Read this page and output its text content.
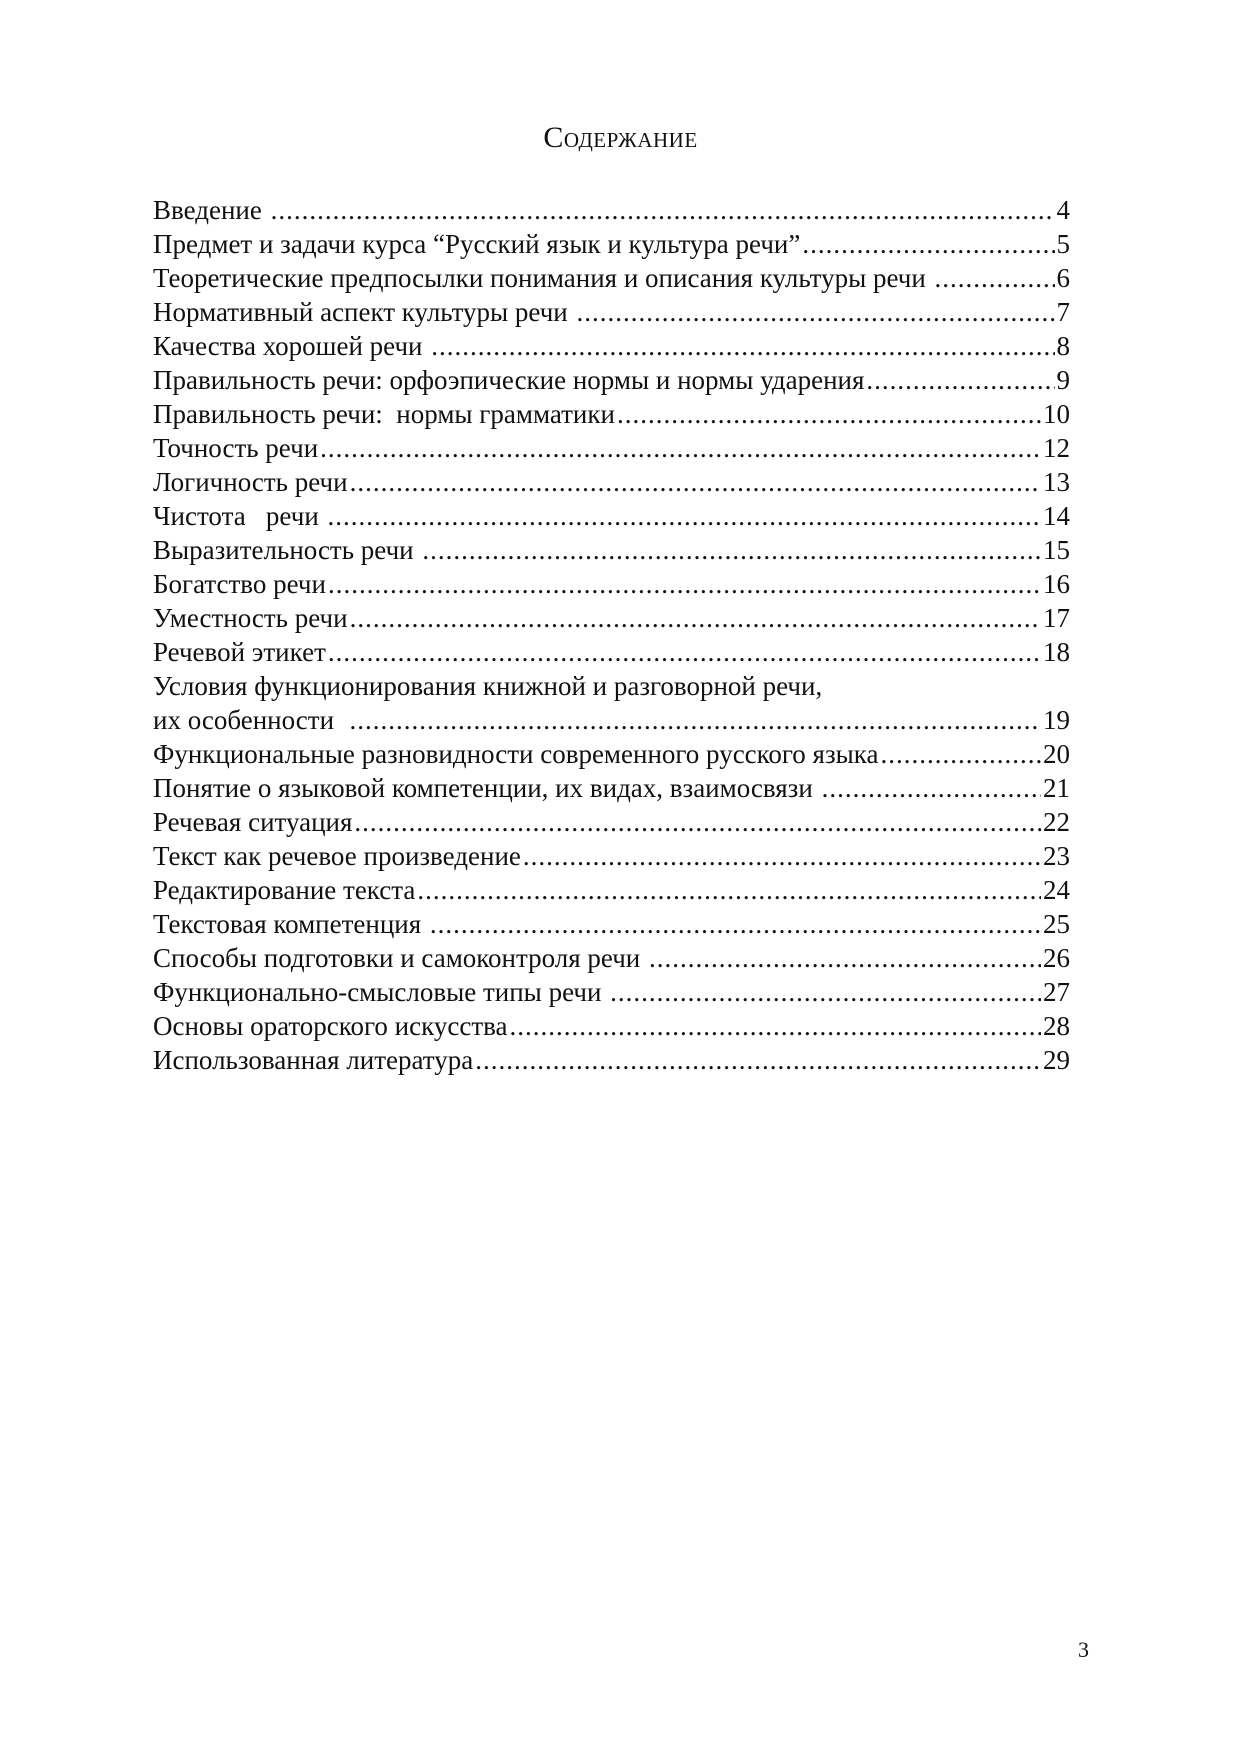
Содержание
Введение .....	4
Предмет и задачи курса “Русский язык и культура речи” .....	5
Теоретические предпосылки понимания и описания культуры речи .....	6
Нормативный аспект культуры речи .....	7
Качества хорошей речи .....	8
Правильность речи: орфоэпические нормы и нормы ударения .....	9
Правильность речи:  нормы грамматики .....	10
Точность речи .....	12
Логичность речи .....	13
Чистота   речи .....	14
Выразительность речи .....	15
Богатство речи .....	16
Уместность речи .....	17
Речевой этикет .....	18
Условия функционирования книжной и разговорной речи,
их особенности .....	19
Функциональные разновидности современного русского языка .....	20
Понятие о языковой компетенции, их видах, взаимосвязи .....	21
Речевая ситуация .....	22
Текст как речевое произведение .....	23
Редактирование текста .....	24
Текстовая компетенция .....	25
Способы подготовки и самоконтроля речи .....	26
Функционально-смысловые типы речи .....	27
Основы ораторского искусства .....	28
Использованная литература .....	29
3
